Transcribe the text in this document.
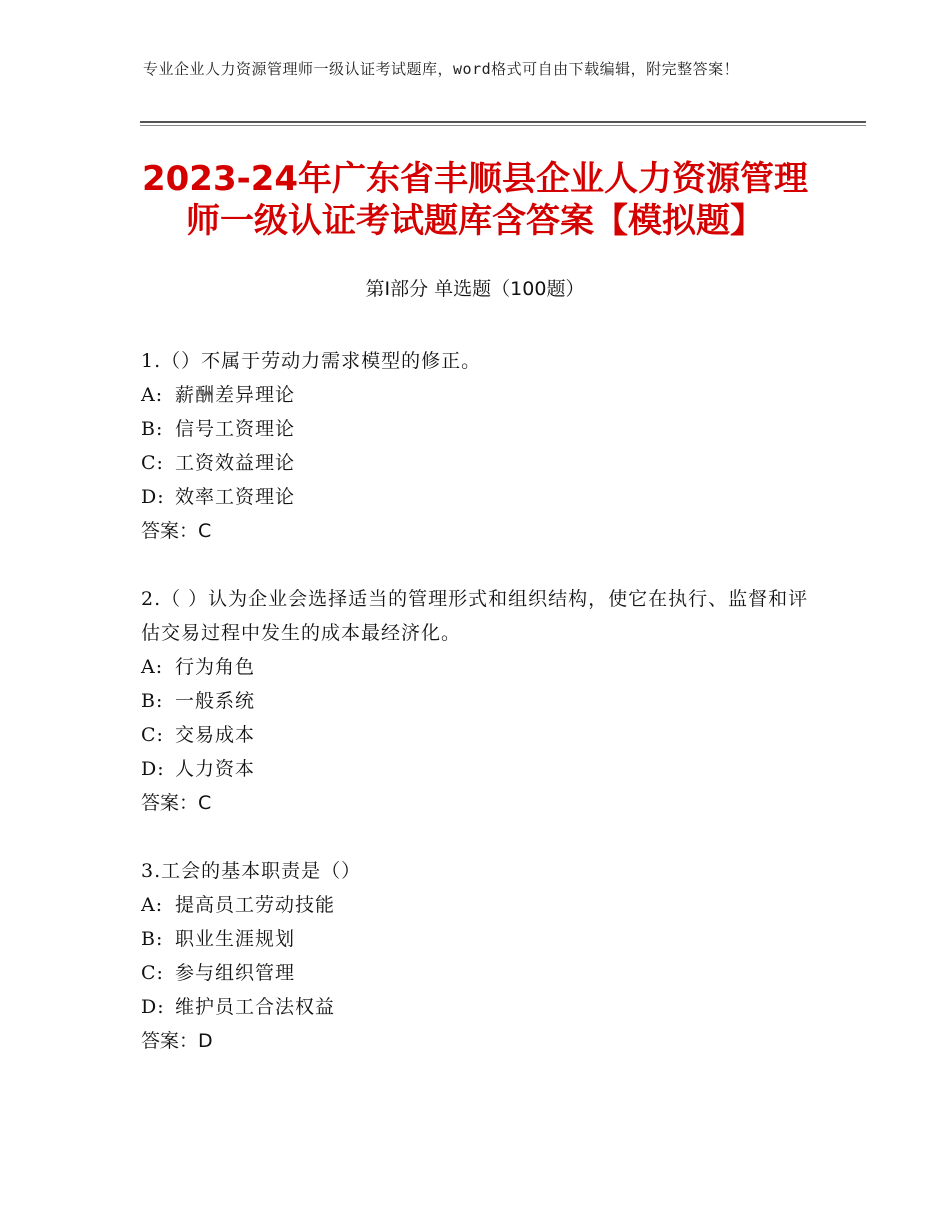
专业企业人力资源管理师一级认证考试题库，word格式可自由下载编辑，附完整答案！
2023-24年广东省丰顺县企业人力资源管理
师一级认证考试题库含答案【模拟题】
第Ⅰ部分 单选题（100题）

1.（）不属于劳动力需求模型的修正。

A: 薪酬差异理论

B: 信号工资理论

C: 工资效益理论

D: 效率工资理论

答案：C

2.（ ）认为企业会选择适当的管理形式和组织结构，使它在执行、监督和评估交易过程中发生的成本最经济化。

A: 行为角色

B: 一般系统

C: 交易成本

D: 人力资本

答案：C

3.工会的基本职责是（）

A: 提高员工劳动技能

B: 职业生涯规划

C: 参与组织管理

D: 维护员工合法权益

答案：D
